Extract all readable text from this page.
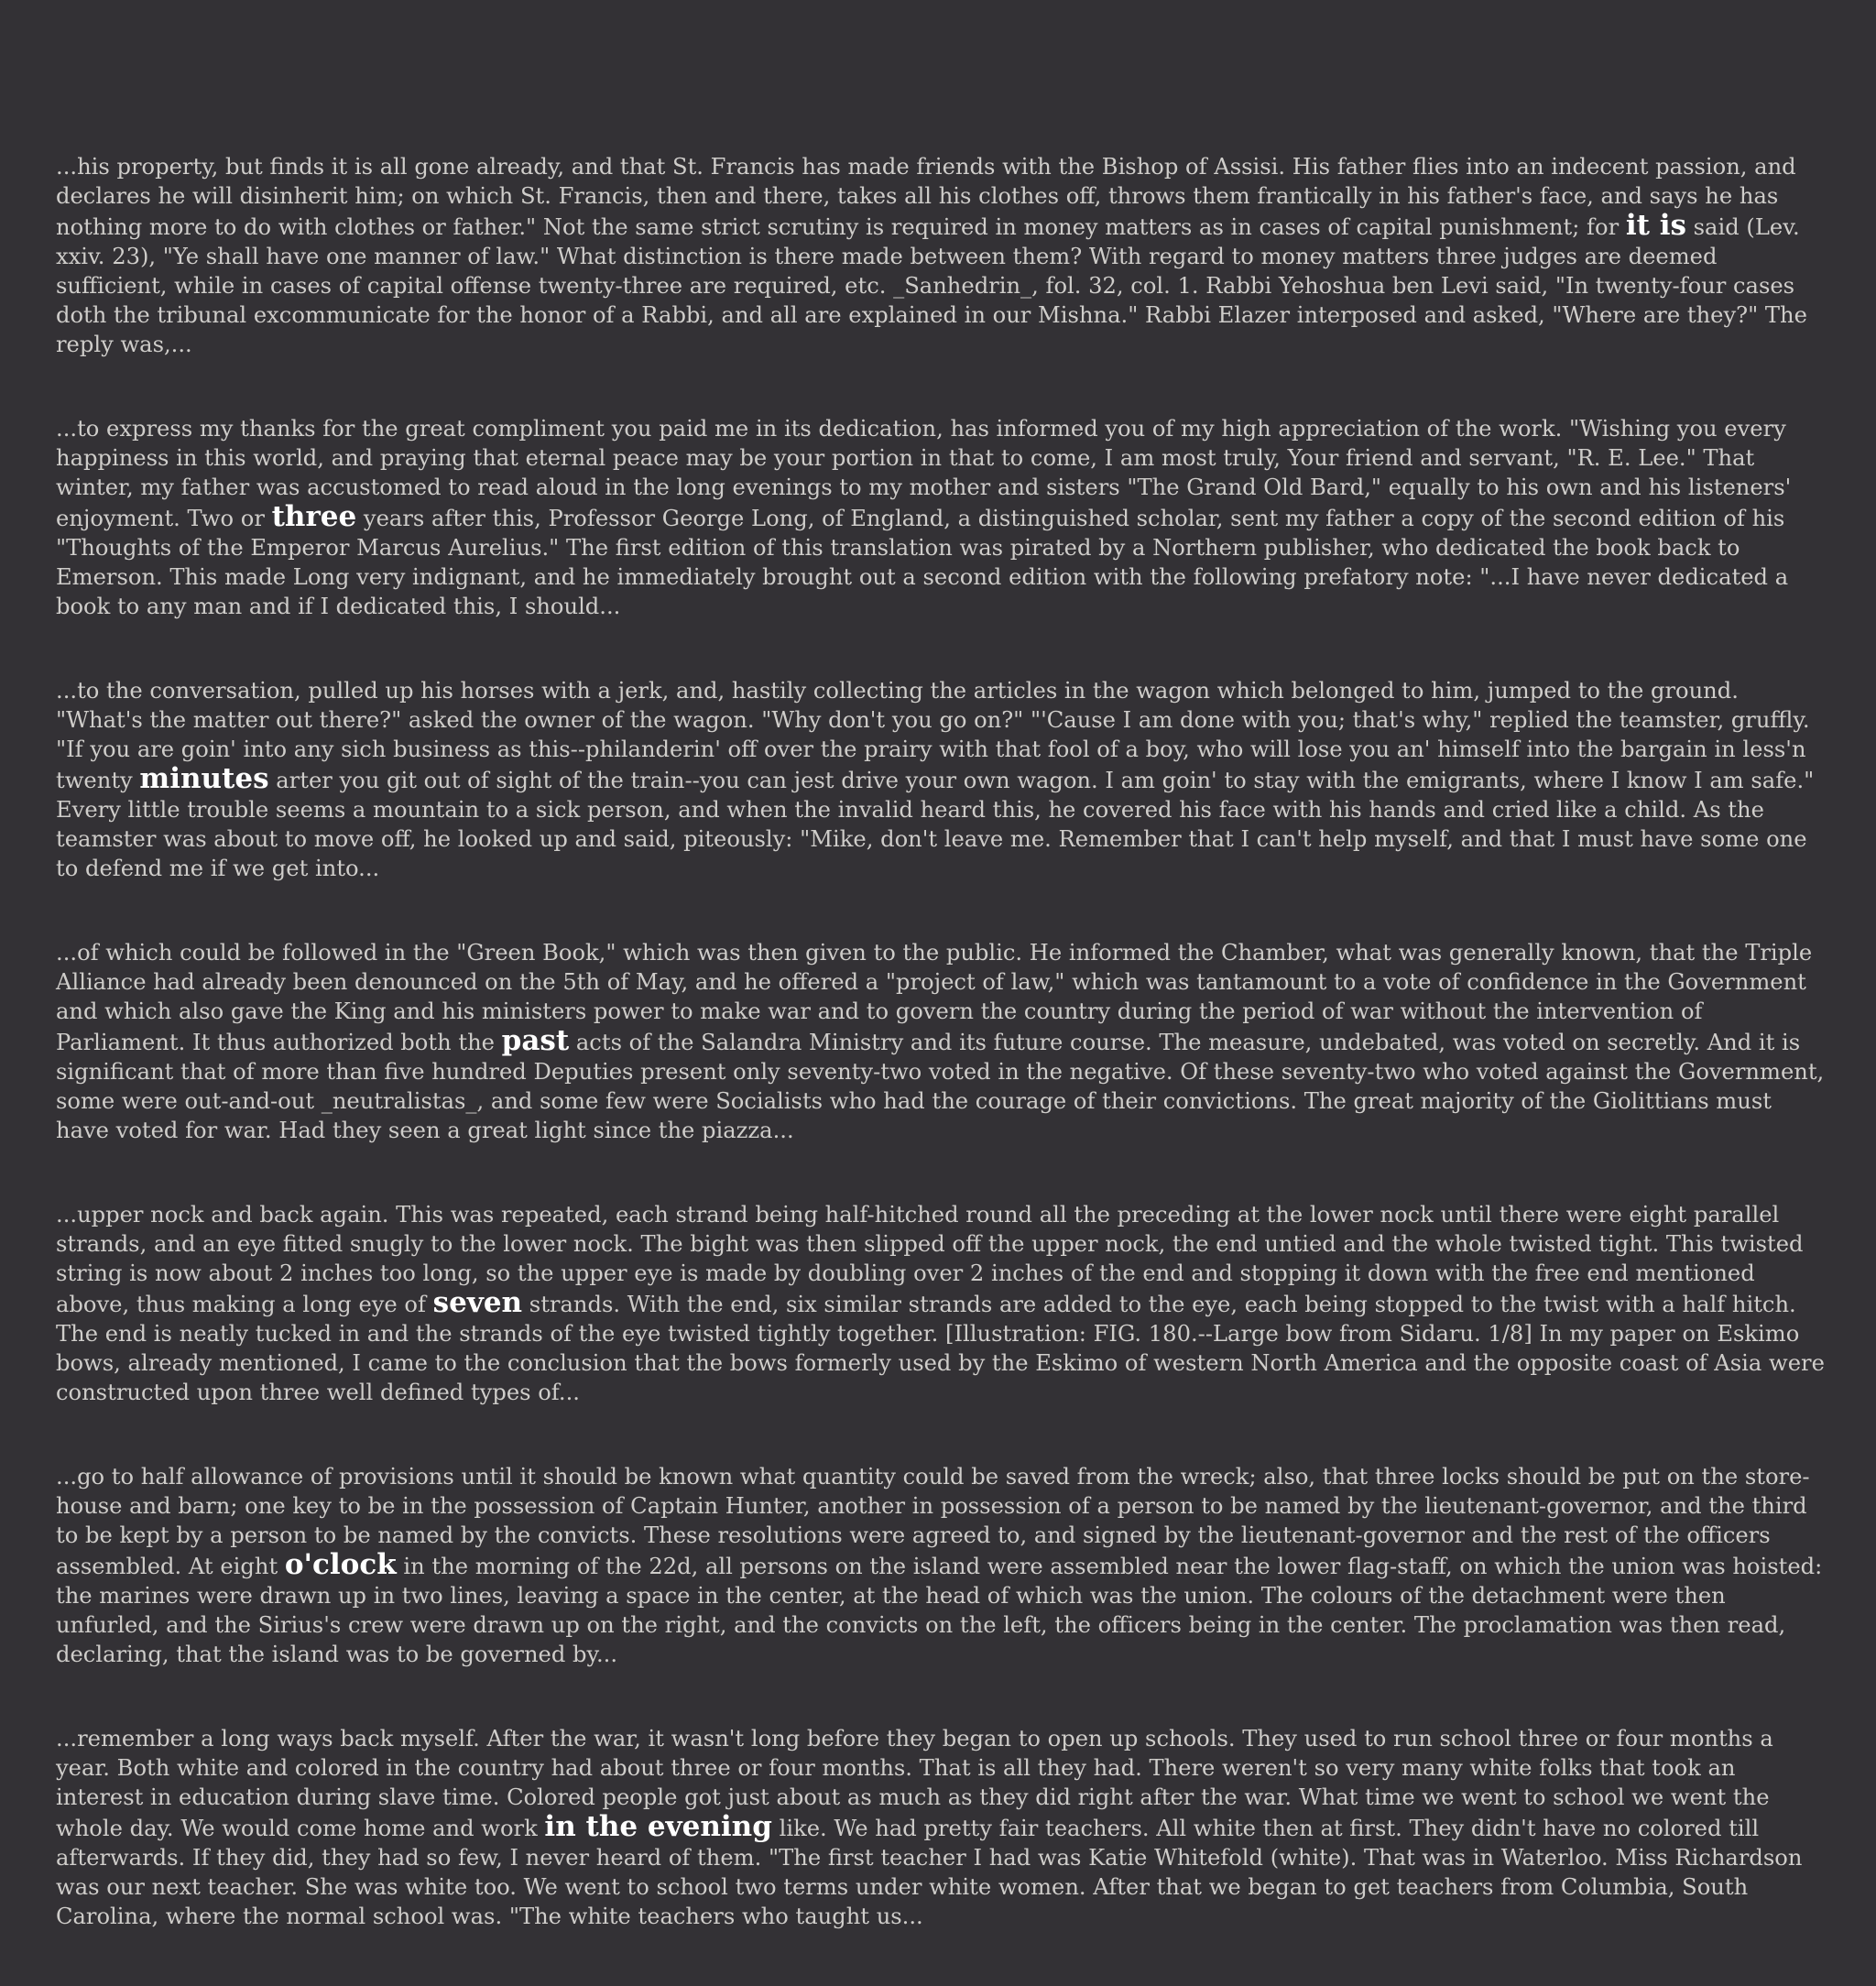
...his property, but finds it is all gone already, and that St. Francis has made friends with the Bishop of Assisi. His father flies into an indecent passion, and declares he will disinherit him; on which St. Francis, then and there, takes all his clothes off, throws them frantically in his father's face, and says he has nothing more to do with clothes or father." Not the same strict scrutiny is required in money matters as in cases of capital punishment; for it is said (Lev. xxiv. 23), "Ye shall have one manner of law." What distinction is there made between them? With regard to money matters three judges are deemed sufficient, while in cases of capital offense twenty-three are required, etc. _Sanhedrin_, fol. 32, col. 1. Rabbi Yehoshua ben Levi said, "In twenty-four cases doth the tribunal excommunicate for the honor of a Rabbi, and all are explained in our Mishna." Rabbi Elazer interposed and asked, "Where are they?" The reply was,...

...to express my thanks for the great compliment you paid me in its dedication, has informed you of my high appreciation of the work. "Wishing you every happiness in this world, and praying that eternal peace may be your portion in that to come, I am most truly, Your friend and servant, "R. E. Lee." That winter, my father was accustomed to read aloud in the long evenings to my mother and sisters "The Grand Old Bard," equally to his own and his listeners' enjoyment. Two or three years after this, Professor George Long, of England, a distinguished scholar, sent my father a copy of the second edition of his "Thoughts of the Emperor Marcus Aurelius." The first edition of this translation was pirated by a Northern publisher, who dedicated the book back to Emerson. This made Long very indignant, and he immediately brought out a second edition with the following prefatory note: "...I have never dedicated a book to any man and if I dedicated this, I should...

...to the conversation, pulled up his horses with a jerk, and, hastily collecting the articles in the wagon which belonged to him, jumped to the ground. "What's the matter out there?" asked the owner of the wagon. "Why don't you go on?" "'Cause I am done with you; that's why," replied the teamster, gruffly. "If you are goin' into any sich business as this--philanderin' off over the prairy with that fool of a boy, who will lose you an' himself into the bargain in less'n twenty minutes arter you git out of sight of the train--you can jest drive your own wagon. I am goin' to stay with the emigrants, where I know I am safe." Every little trouble seems a mountain to a sick person, and when the invalid heard this, he covered his face with his hands and cried like a child. As the teamster was about to move off, he looked up and said, piteously: "Mike, don't leave me. Remember that I can't help myself, and that I must have some one to defend me if we get into...

...of which could be followed in the "Green Book," which was then given to the public. He informed the Chamber, what was generally known, that the Triple Alliance had already been denounced on the 5th of May, and he offered a "project of law," which was tantamount to a vote of confidence in the Government and which also gave the King and his ministers power to make war and to govern the country during the period of war without the intervention of Parliament. It thus authorized both the past acts of the Salandra Ministry and its future course. The measure, undebated, was voted on secretly. And it is significant that of more than five hundred Deputies present only seventy-two voted in the negative. Of these seventy-two who voted against the Government, some were out-and-out _neutralistas_, and some few were Socialists who had the courage of their convictions. The great majority of the Giolittians must have voted for war. Had they seen a great light since the piazza...

...upper nock and back again. This was repeated, each strand being half-hitched round all the preceding at the lower nock until there were eight parallel strands, and an eye fitted snugly to the lower nock. The bight was then slipped off the upper nock, the end untied and the whole twisted tight. This twisted string is now about 2 inches too long, so the upper eye is made by doubling over 2 inches of the end and stopping it down with the free end mentioned above, thus making a long eye of seven strands. With the end, six similar strands are added to the eye, each being stopped to the twist with a half hitch. The end is neatly tucked in and the strands of the eye twisted tightly together. [Illustration: FIG. 180.--Large bow from Sidaru. 1/8] In my paper on Eskimo bows, already mentioned, I came to the conclusion that the bows formerly used by the Eskimo of western North America and the opposite coast of Asia were constructed upon three well defined types of...

...go to half allowance of provisions until it should be known what quantity could be saved from the wreck; also, that three locks should be put on the store-house and barn; one key to be in the possession of Captain Hunter, another in possession of a person to be named by the lieutenant-governor, and the third to be kept by a person to be named by the convicts. These resolutions were agreed to, and signed by the lieutenant-governor and the rest of the officers assembled. At eight o'clock in the morning of the 22d, all persons on the island were assembled near the lower flag-staff, on which the union was hoisted: the marines were drawn up in two lines, leaving a space in the center, at the head of which was the union. The colours of the detachment were then unfurled, and the Sirius's crew were drawn up on the right, and the convicts on the left, the officers being in the center. The proclamation was then read, declaring, that the island was to be governed by...

...remember a long ways back myself. After the war, it wasn't long before they began to open up schools. They used to run school three or four months a year. Both white and colored in the country had about three or four months. That is all they had. There weren't so very many white folks that took an interest in education during slave time. Colored people got just about as much as they did right after the war. What time we went to school we went the whole day. We would come home and work in the evening like. We had pretty fair teachers. All white then at first. They didn't have no colored till afterwards. If they did, they had so few, I never heard of them. "The first teacher I had was Katie Whitefold (white). That was in Waterloo. Miss Richardson was our next teacher. She was white too. We went to school two terms under white women. After that we began to get teachers from Columbia, South Carolina, where the normal school was. "The white teachers who taught us...
